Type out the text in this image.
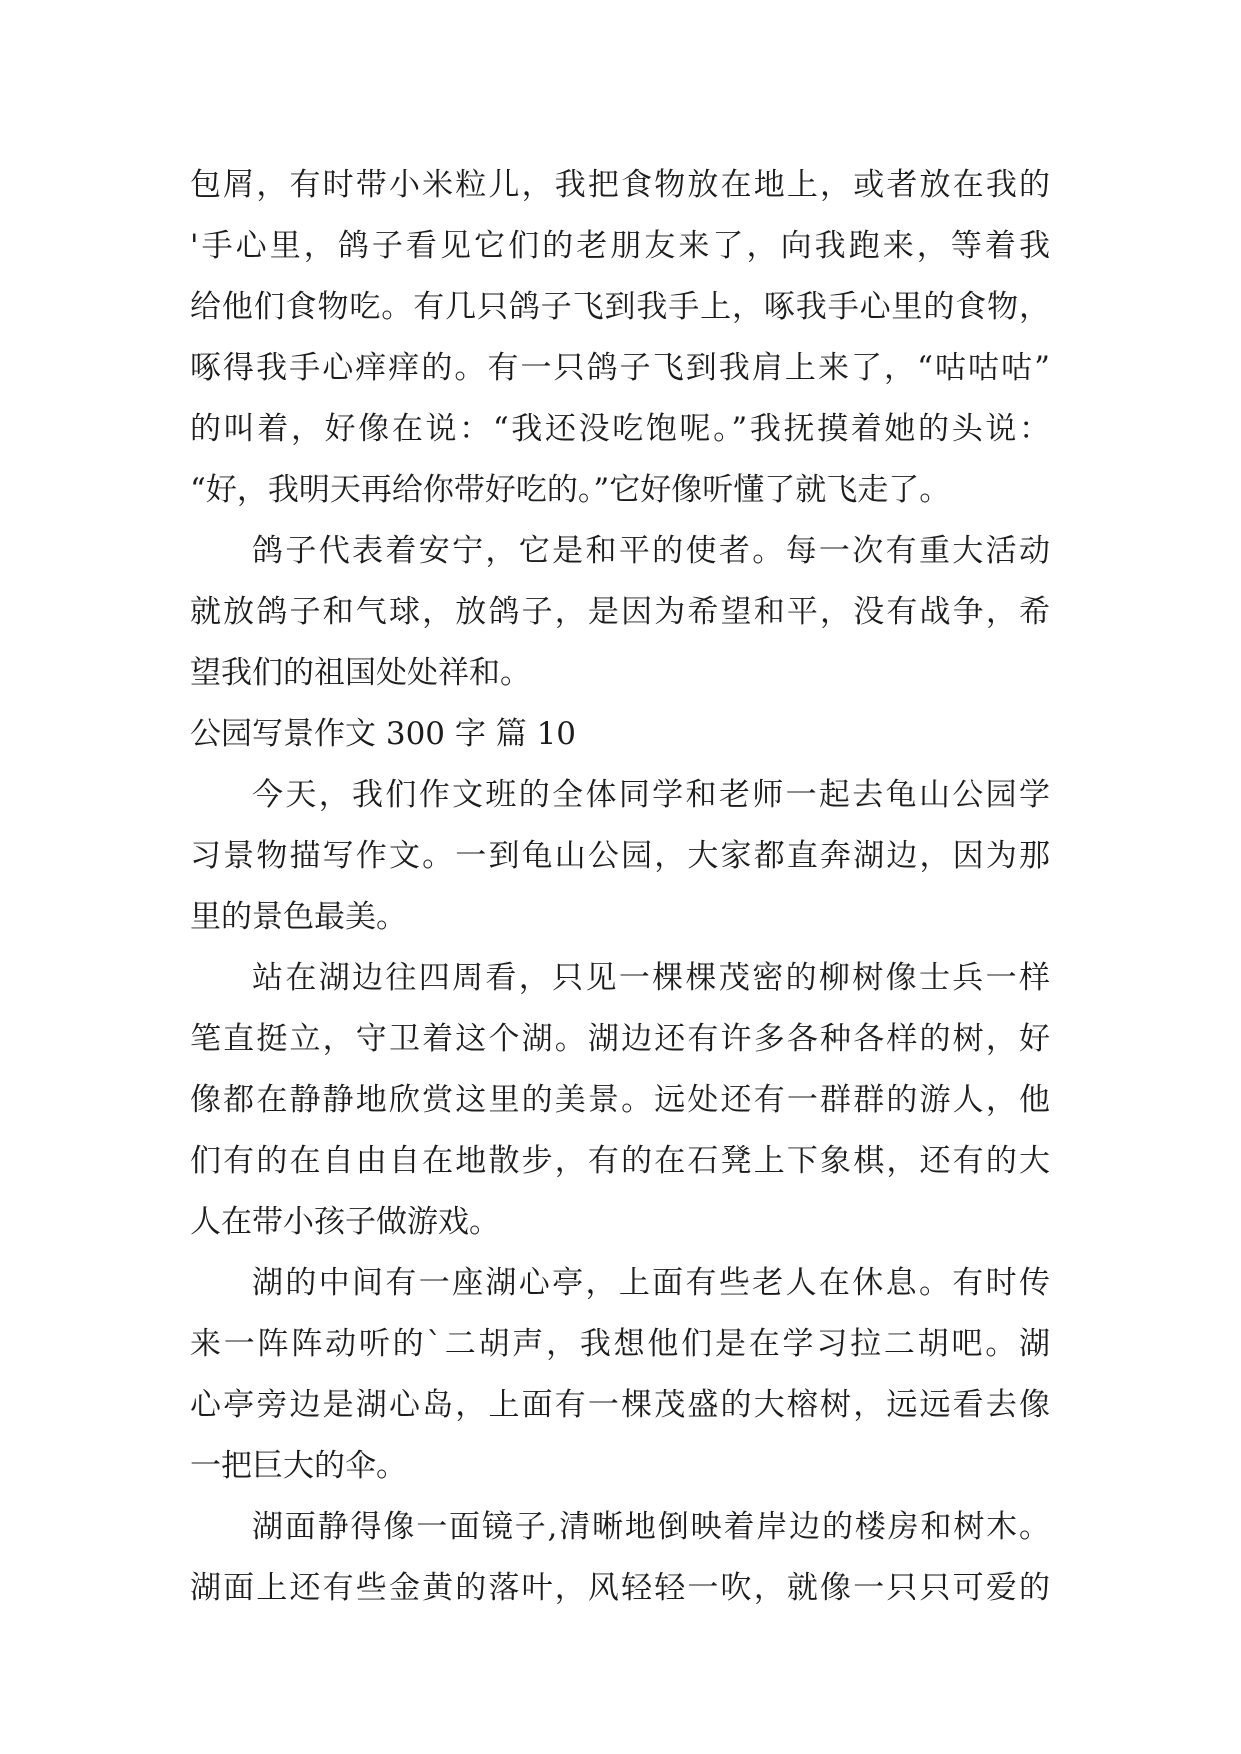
包屑，有时带小米粒儿，我把食物放在地上，或者放在我的
'手心里，鸽子看见它们的老朋友来了，向我跑来，等着我
给他们食物吃。有几只鸽子飞到我手上，啄我手心里的食物，
啄得我手心痒痒的。有一只鸽子飞到我肩上来了，“咕咕咕”
的叫着，好像在说：“我还没吃饱呢。”我抚摸着她的头说：
“好，我明天再给你带好吃的。”它好像听懂了就飞走了。
鸽子代表着安宁，它是和平的使者。每一次有重大活动
就放鸽子和气球，放鸽子，是因为希望和平，没有战争，希
望我们的祖国处处祥和。
公园写景作文 300 字 篇 10
今天，我们作文班的全体同学和老师一起去龟山公园学
习景物描写作文。一到龟山公园，大家都直奔湖边，因为那
里的景色最美。
站在湖边往四周看，只见一棵棵茂密的柳树像士兵一样
笔直挺立，守卫着这个湖。湖边还有许多各种各样的树，好
像都在静静地欣赏这里的美景。远处还有一群群的游人，他
们有的在自由自在地散步，有的在石凳上下象棋，还有的大
人在带小孩子做游戏。
湖的中间有一座湖心亭，上面有些老人在休息。有时传
来一阵阵动听的`二胡声，我想他们是在学习拉二胡吧。湖
心亭旁边是湖心岛，上面有一棵茂盛的大榕树，远远看去像
一把巨大的伞。
湖面静得像一面镜子,清晰地倒映着岸边的楼房和树木。
湖面上还有些金黄的落叶，风轻轻一吹，就像一只只可爱的
